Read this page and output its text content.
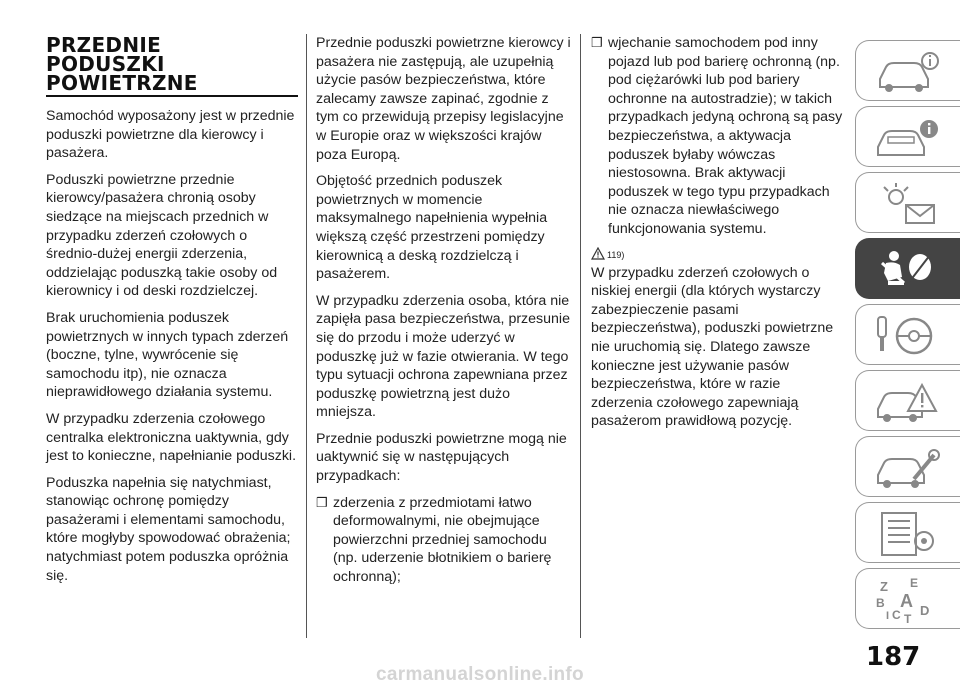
PRZEDNIE
PODUSZKI
POWIETRZNE

Samochód wyposażony jest w przednie poduszki powietrzne dla kierowcy i pasażera.

Poduszki powietrzne przednie kierowcy/pasażera chronią osoby siedzące na miejscach przednich w przypadku zderzeń czołowych o średnio-dużej energii zderzenia, oddzielając poduszką takie osoby od kierownicy i od deski rozdzielczej.

Brak uruchomienia poduszek powietrznych w innych typach zderzeń (boczne, tylne, wywrócenie się samochodu itp), nie oznacza nieprawidłowego działania systemu.

W przypadku zderzenia czołowego centralka elektroniczna uaktywnia, gdy jest to konieczne, napełnianie poduszki.

Poduszka napełnia się natychmiast, stanowiąc ochronę pomiędzy pasażerami i elementami samochodu, które mogłyby spowodować obrażenia; natychmiast potem poduszka opróżnia się.

Przednie poduszki powietrzne kierowcy i pasażera nie zastępują, ale uzupełnią użycie pasów bezpieczeństwa, które zalecamy zawsze zapinać, zgodnie z tym co przewidują przepisy legislacyjne w Europie oraz w większości krajów poza Europą.

Objętość przednich poduszek powietrznych w momencie maksymalnego napełnienia wypełnia większą część przestrzeni pomiędzy kierownicą a deską rozdzielczą i pasażerem.

W przypadku zderzenia osoba, która nie zapięła pasa bezpieczeństwa, przesunie się do przodu i może uderzyć w poduszkę już w fazie otwierania. W tego typu sytuacji ochrona zapewniana przez poduszkę powietrzną jest dużo mniejsza.

Przednie poduszki powietrzne mogą nie uaktywnić się w następujących przypadkach:

❒ zderzenia z przedmiotami łatwo deformowalnymi, nie obejmujące powierzchni przedniej samochodu (np. uderzenie błotnikiem o barierę ochronną);
❒ wjechanie samochodem pod inny pojazd lub pod barierę ochronną (np. pod ciężarówki lub pod bariery ochronne na autostradzie); w takich przypadkach jedyną ochroną są pasy bezpieczeństwa, a aktywacja poduszek byłaby wówczas niestosowna. Brak aktywacji poduszek w tego typu przypadkach nie oznacza niewłaściwego funkcjonowania systemu.
119)

W przypadku zderzeń czołowych o niskiej energii (dla których wystarczy zabezpieczenie pasami bezpieczeństwa), poduszki powietrzne nie uruchomią się. Dlatego zawsze konieczne jest używanie pasów bezpieczeństwa, które w razie zderzenia czołowego zapewniają pasażerom prawidłową pozycję.

Z E
B A
I C T
D
187
carmanualsonline.info
